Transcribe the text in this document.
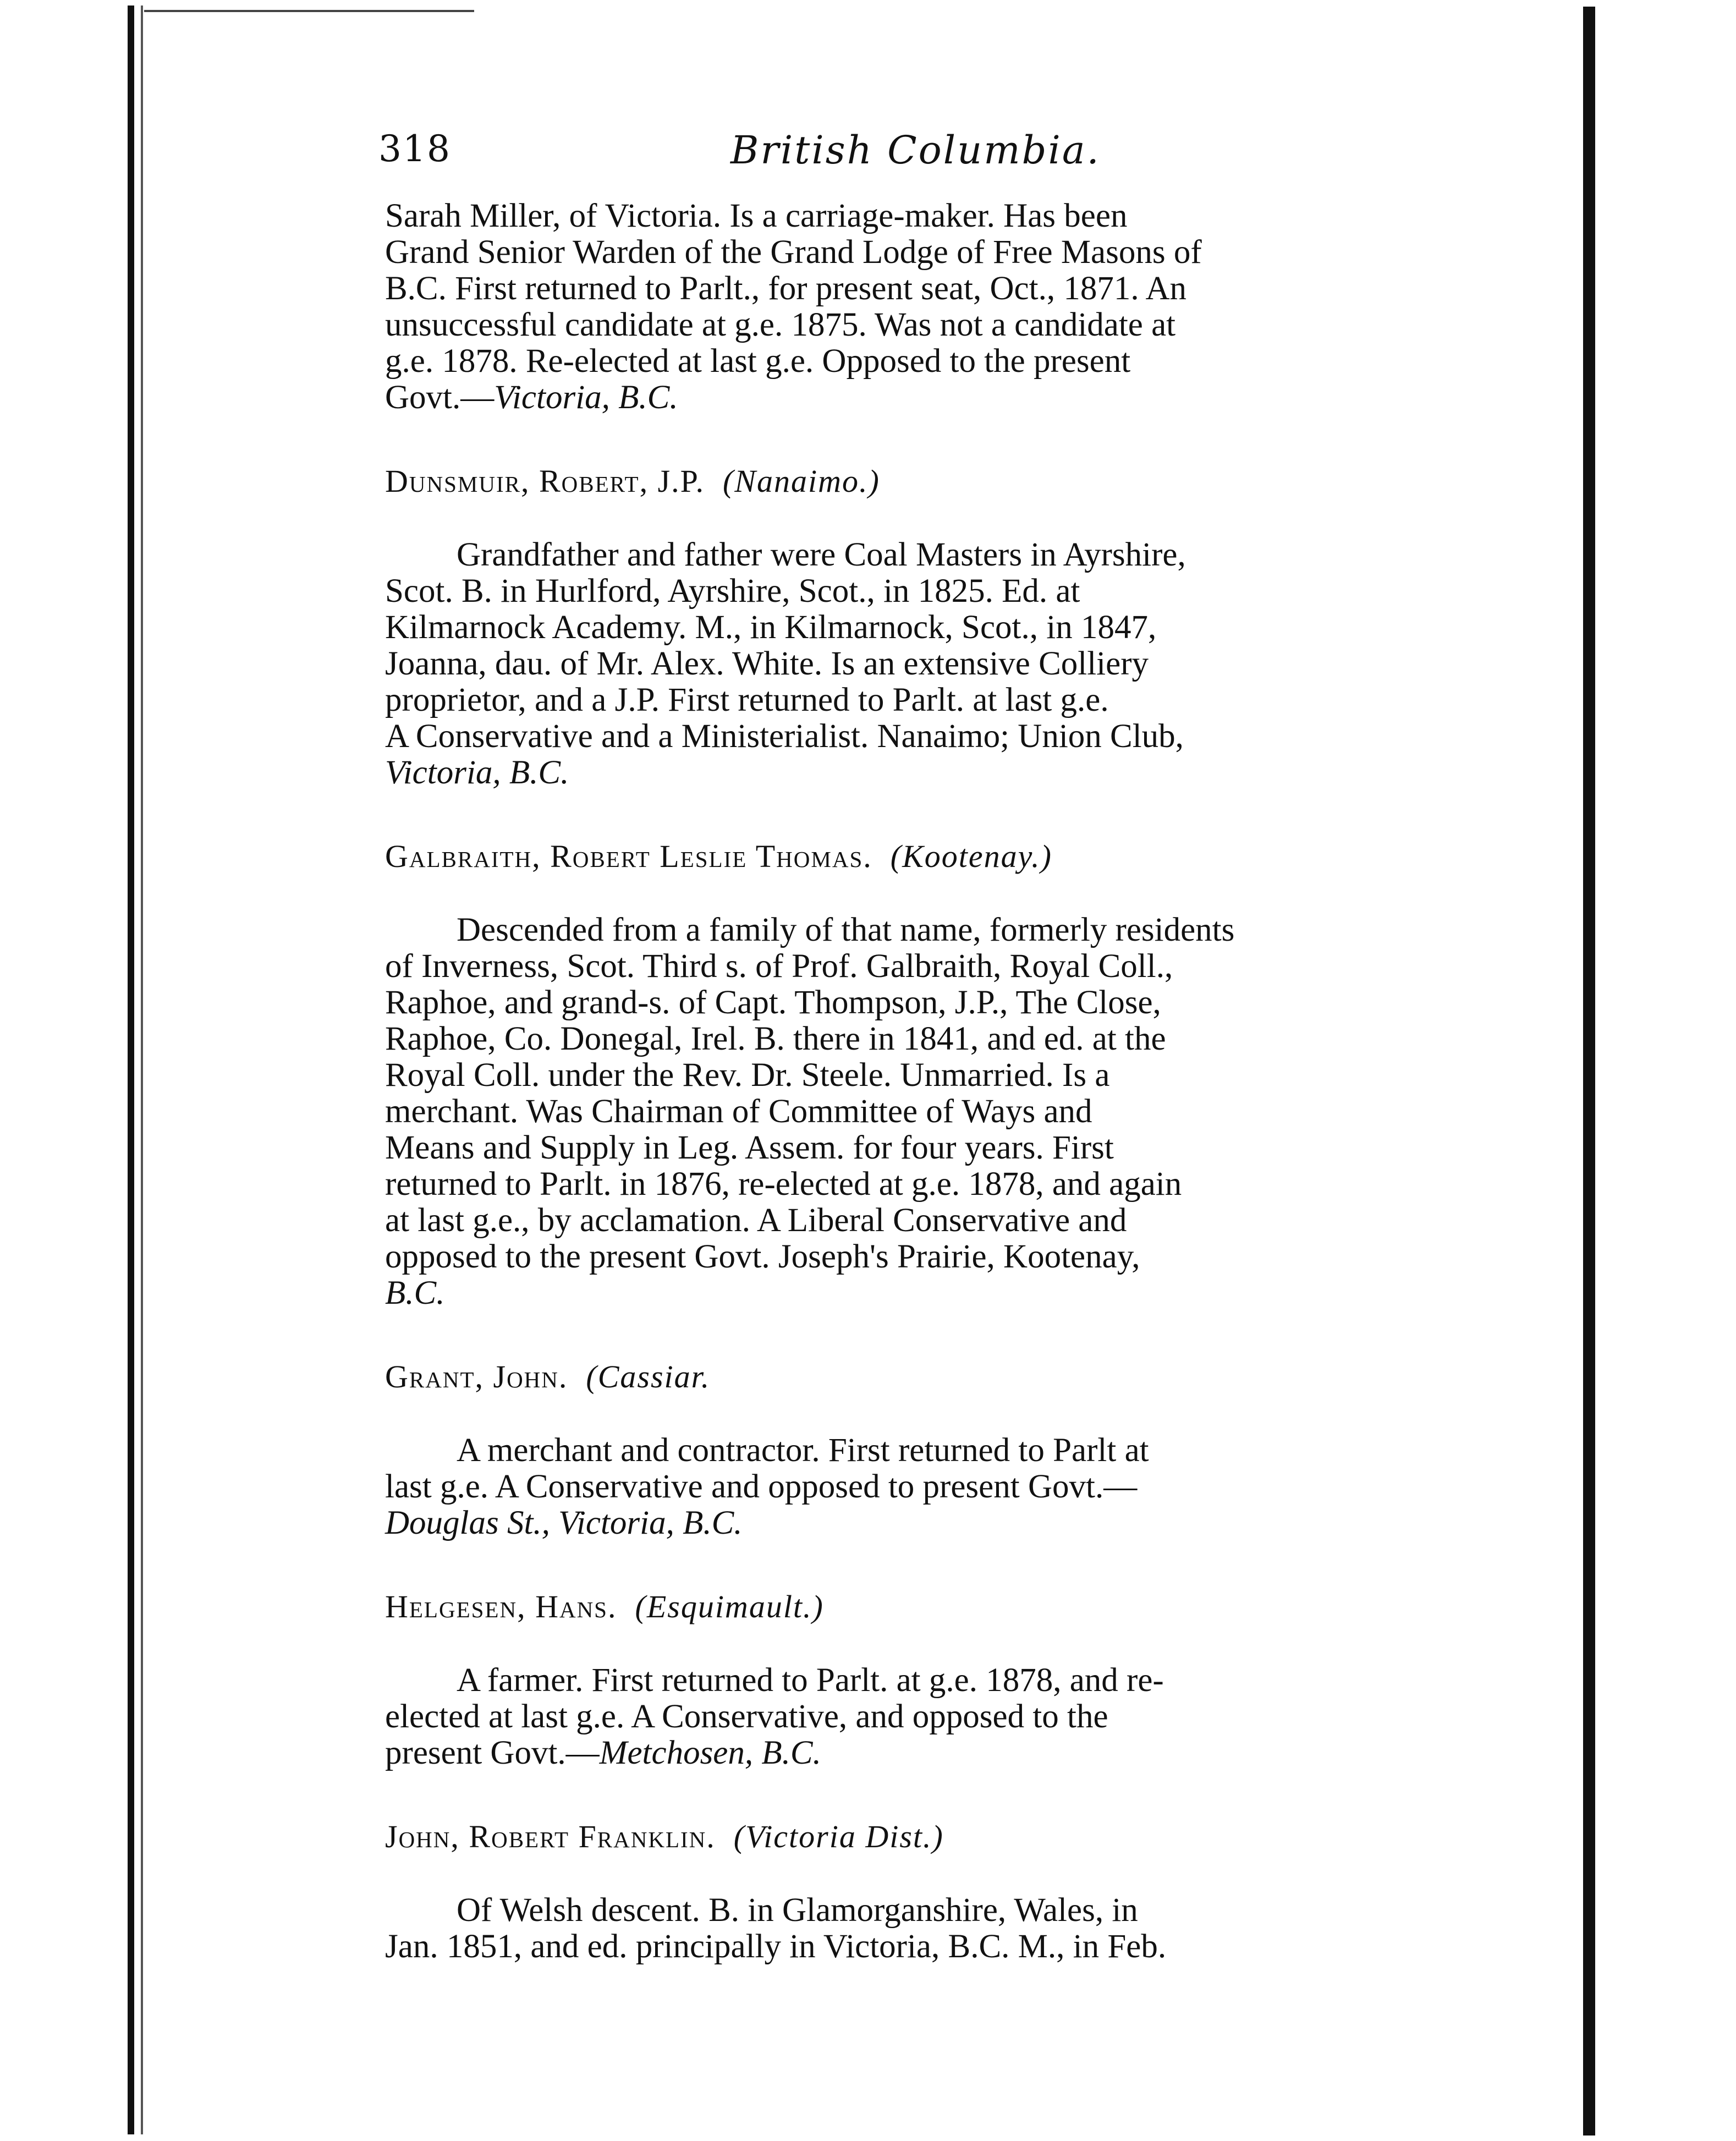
318	British Columbia.

Sarah Miller, of Victoria. Is a carriage-maker. Has been

Grand Senior Warden of the Grand Lodge of Free Masons of

B.C. First returned to Parlt., for present seat, Oct., 1871. An

unsuccessful candidate at g.e. 1875. Was not a candidate at

g.e. 1878. Re-elected at last g.e. Opposed to the present

Govt.—Victoria, B.C.

Dunsmuir, Robert, J.P. (Nanaimo.)

Grandfather and father were Coal Masters in Ayrshire,

Scot. B. in Hurlford, Ayrshire, Scot., in 1825. Ed. at

Kilmarnock Academy. M., in Kilmarnock, Scot., in 1847,

Joanna, dau. of Mr. Alex. White. Is an extensive Colliery

proprietor, and a J.P. First returned to Parlt. at last g.e.

A Conservative and a Ministerialist. Nanaimo; Union Club,

Victoria, B.C.

Galbraith, Robert Leslie Thomas. (Kootenay.)

Descended from a family of that name, formerly residents

of Inverness, Scot. Third s. of Prof. Galbraith, Royal Coll.,

Raphoe, and grand-s. of Capt. Thompson, J.P., The Close,

Raphoe, Co. Donegal, Irel. B. there in 1841, and ed. at the

Royal Coll. under the Rev. Dr. Steele. Unmarried. Is a

merchant. Was Chairman of Committee of Ways and

Means and Supply in Leg. Assem. for four years. First

returned to Parlt. in 1876, re-elected at g.e. 1878, and again

at last g.e., by acclamation. A Liberal Conservative and

opposed to the present Govt. Joseph's Prairie, Kootenay,

B.C.

Grant, John. (Cassiar.

A merchant and contractor. First returned to Parlt at

last g.e. A Conservative and opposed to present Govt.—

Douglas St., Victoria, B.C.

Helgesen, Hans. (Esquimault.)

A farmer. First returned to Parlt. at g.e. 1878, and re-

elected at last g.e. A Conservative, and opposed to the

present Govt.—Metchosen, B.C.

John, Robert Franklin. (Victoria Dist.)

Of Welsh descent. B. in Glamorganshire, Wales, in

Jan. 1851, and ed. principally in Victoria, B.C. M., in Feb.
